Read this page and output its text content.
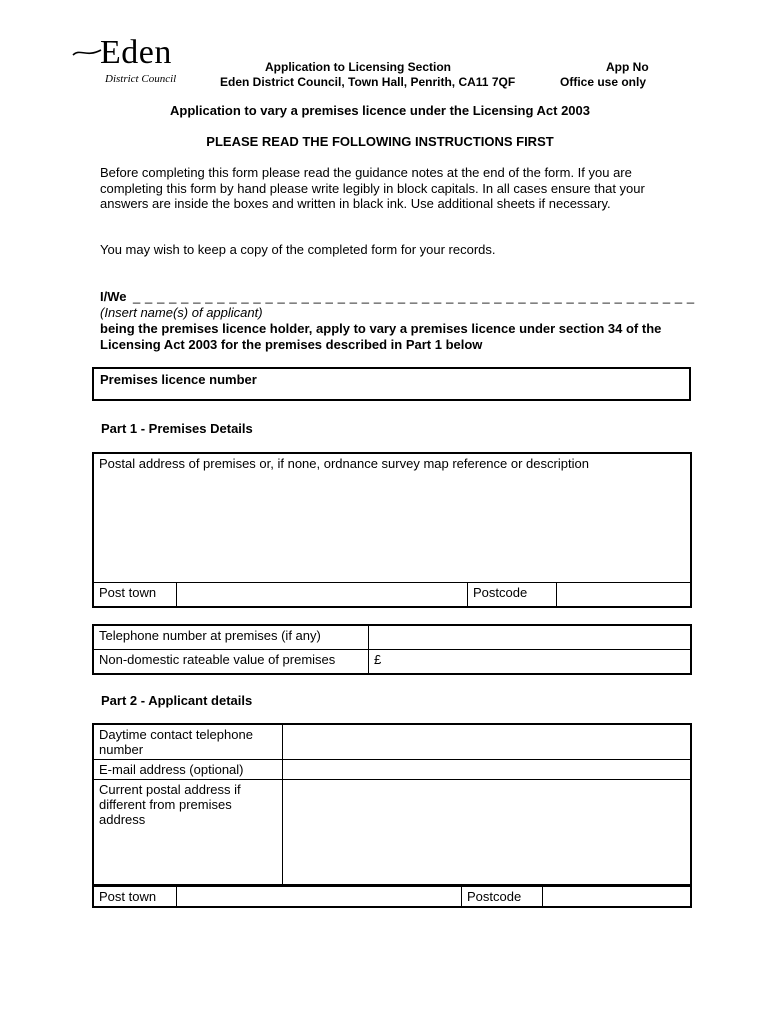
Eden
District Council
Application to Licensing Section
Eden District Council, Town Hall, Penrith, CA11 7QF
App No
Office use only
Application to vary a premises licence under the Licensing Act 2003
PLEASE READ THE FOLLOWING INSTRUCTIONS FIRST
Before completing this form please read the guidance notes at the end of the form. If you are completing this form by hand please write legibly in block capitals. In all cases ensure that your answers are inside the boxes and written in black ink. Use additional sheets if necessary.
You may wish to keep a copy of the completed form for your records.
I/We _ _ _ _ _ _ _ _ _ _ _ _ _ _ _ _ _ _ _ _ _ _ _ _ _ _ _ _ _ _ _ _ _ _ _ _ _ _ _ _ _ _ _ _ _ _ _
(Insert name(s) of applicant)
being the premises licence holder, apply to vary a premises licence under section 34 of the Licensing Act 2003 for the premises described in Part 1 below
Premises licence number
Part 1 - Premises Details
Postal address of premises or, if none, ordnance survey map reference or description
Post town		Postcode	
Telephone number at premises (if any)	
Non-domestic rateable value of premises	£
Part 2 - Applicant details
Daytime contact telephone number	
E-mail address (optional)	
Current postal address if different from premises address	
Post town		Postcode	
